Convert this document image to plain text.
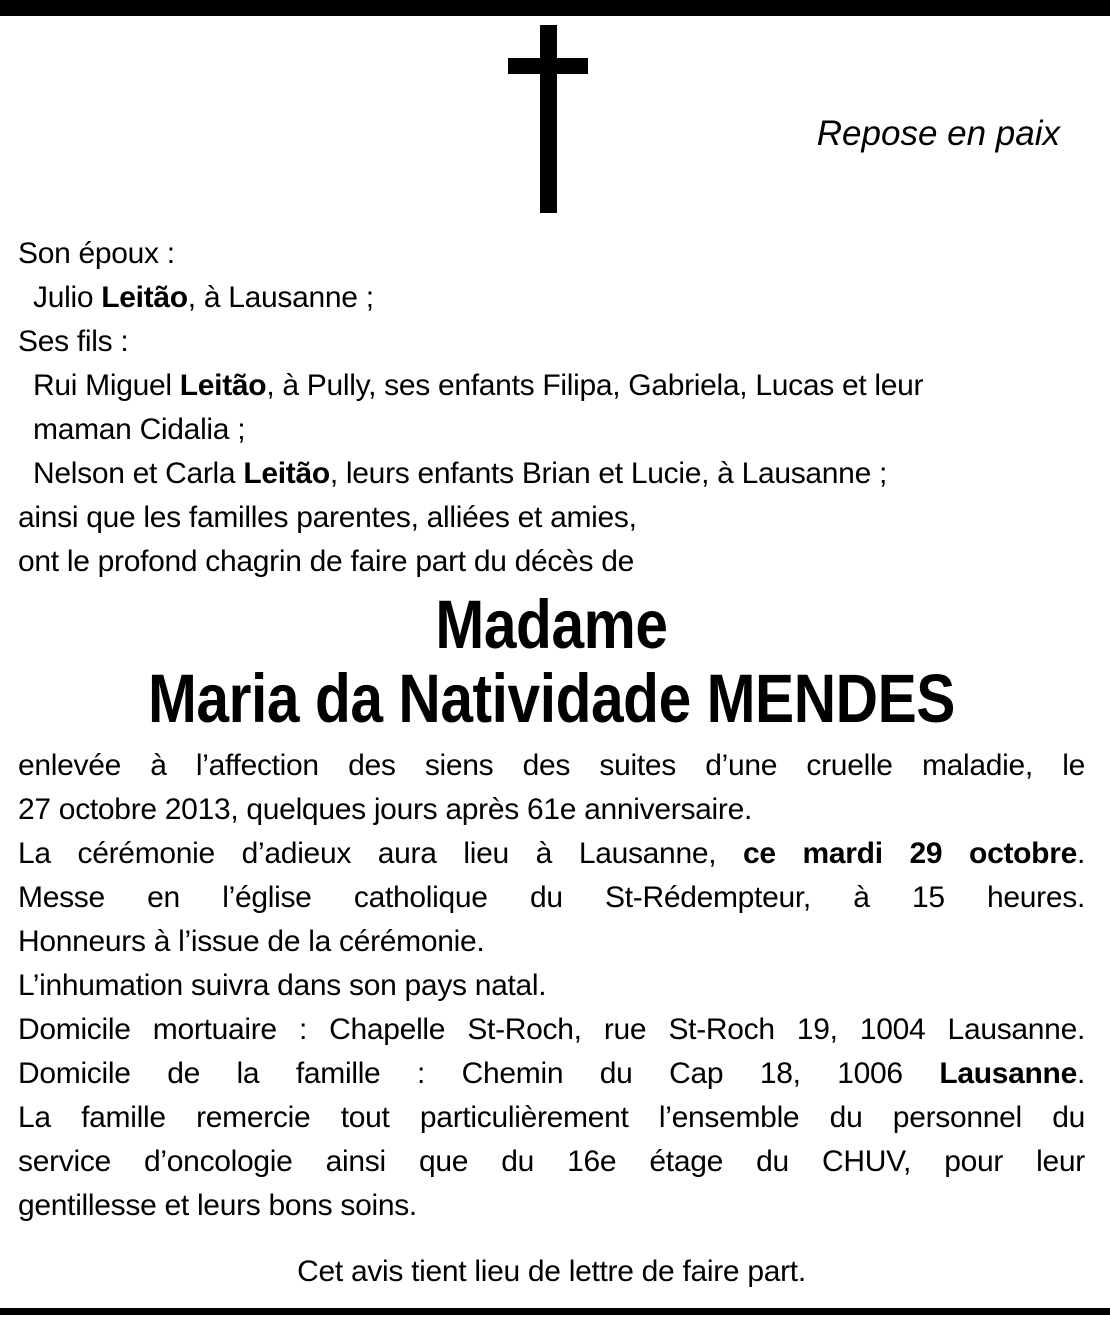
Repose en paix
Son époux :
Julio Leitão, à Lausanne ;
Ses fils :
Rui Miguel Leitão, à Pully, ses enfants Filipa, Gabriela, Lucas et leur
maman Cidalia ;
Nelson et Carla Leitão, leurs enfants Brian et Lucie, à Lausanne ;
ainsi que les familles parentes, alliées et amies,
ont le profond chagrin de faire part du décès de
Madame
Maria da Natividade MENDES
enlevée à l’affection des siens des suites d’une cruelle maladie, le
27 octobre 2013, quelques jours après 61e anniversaire.
La cérémonie d’adieux aura lieu à Lausanne, ce mardi 29 octobre.
Messe en l’église catholique du St-Rédempteur, à 15 heures.
Honneurs à l’issue de la cérémonie.
L’inhumation suivra dans son pays natal.
Domicile mortuaire : Chapelle St-Roch, rue St-Roch 19, 1004 Lausanne.
Domicile de la famille : Chemin du Cap 18, 1006 Lausanne.
La famille remercie tout particulièrement l’ensemble du personnel du
service d’oncologie ainsi que du 16e étage du CHUV, pour leur
gentillesse et leurs bons soins.
Cet avis tient lieu de lettre de faire part.
